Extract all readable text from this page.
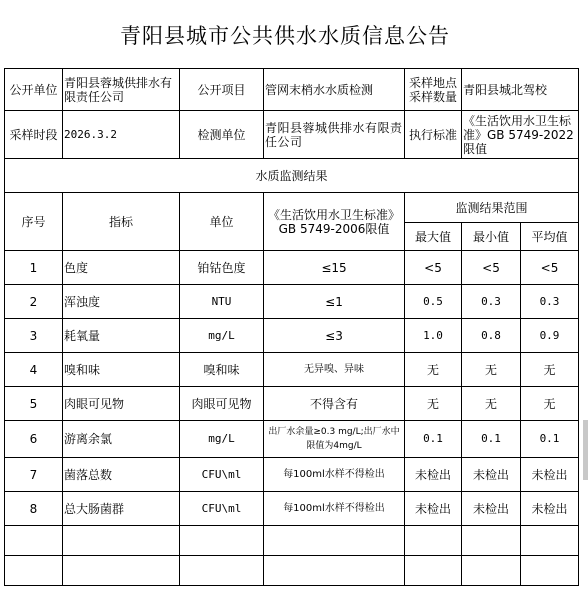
青阳县城市公共供水水质信息公告
公开单位	青阳县蓉城供排水有限责任公司	公开项目	管网末梢水水质检测	采样地点采样数量	青阳县城北驾校	
采样时段	2026.3.2	检测单位	青阳县蓉城供排水有限责任公司	执行标准	《生活饮用水卫生标准》GB 5749-2022限值	
水质监测结果						
序号	指标	单位	《生活饮用水卫生标准》GB 5749-2006限值	监测结果范围		
				最大值	最小值	平均值
1	色度	铂钴色度	≤15	<5	<5	<5
2	浑浊度	NTU	≤1	0.5	0.3	0.3
3	耗氧量	mg/L	≤3	1.0	0.8	0.9
4	嗅和味	嗅和味	无异嗅、异味	无	无	无
5	肉眼可见物	肉眼可见物	不得含有	无	无	无
6	游离余氯	mg/L	出厂水余量≥0.3 mg/L;出厂水中限值为4mg/L	0.1	0.1	0.1
7	菌落总数	CFU\ml	每100ml水样不得检出	未检出	未检出	未检出
8	总大肠菌群	CFU\ml	每100ml水样不得检出	未检出	未检出	未检出
